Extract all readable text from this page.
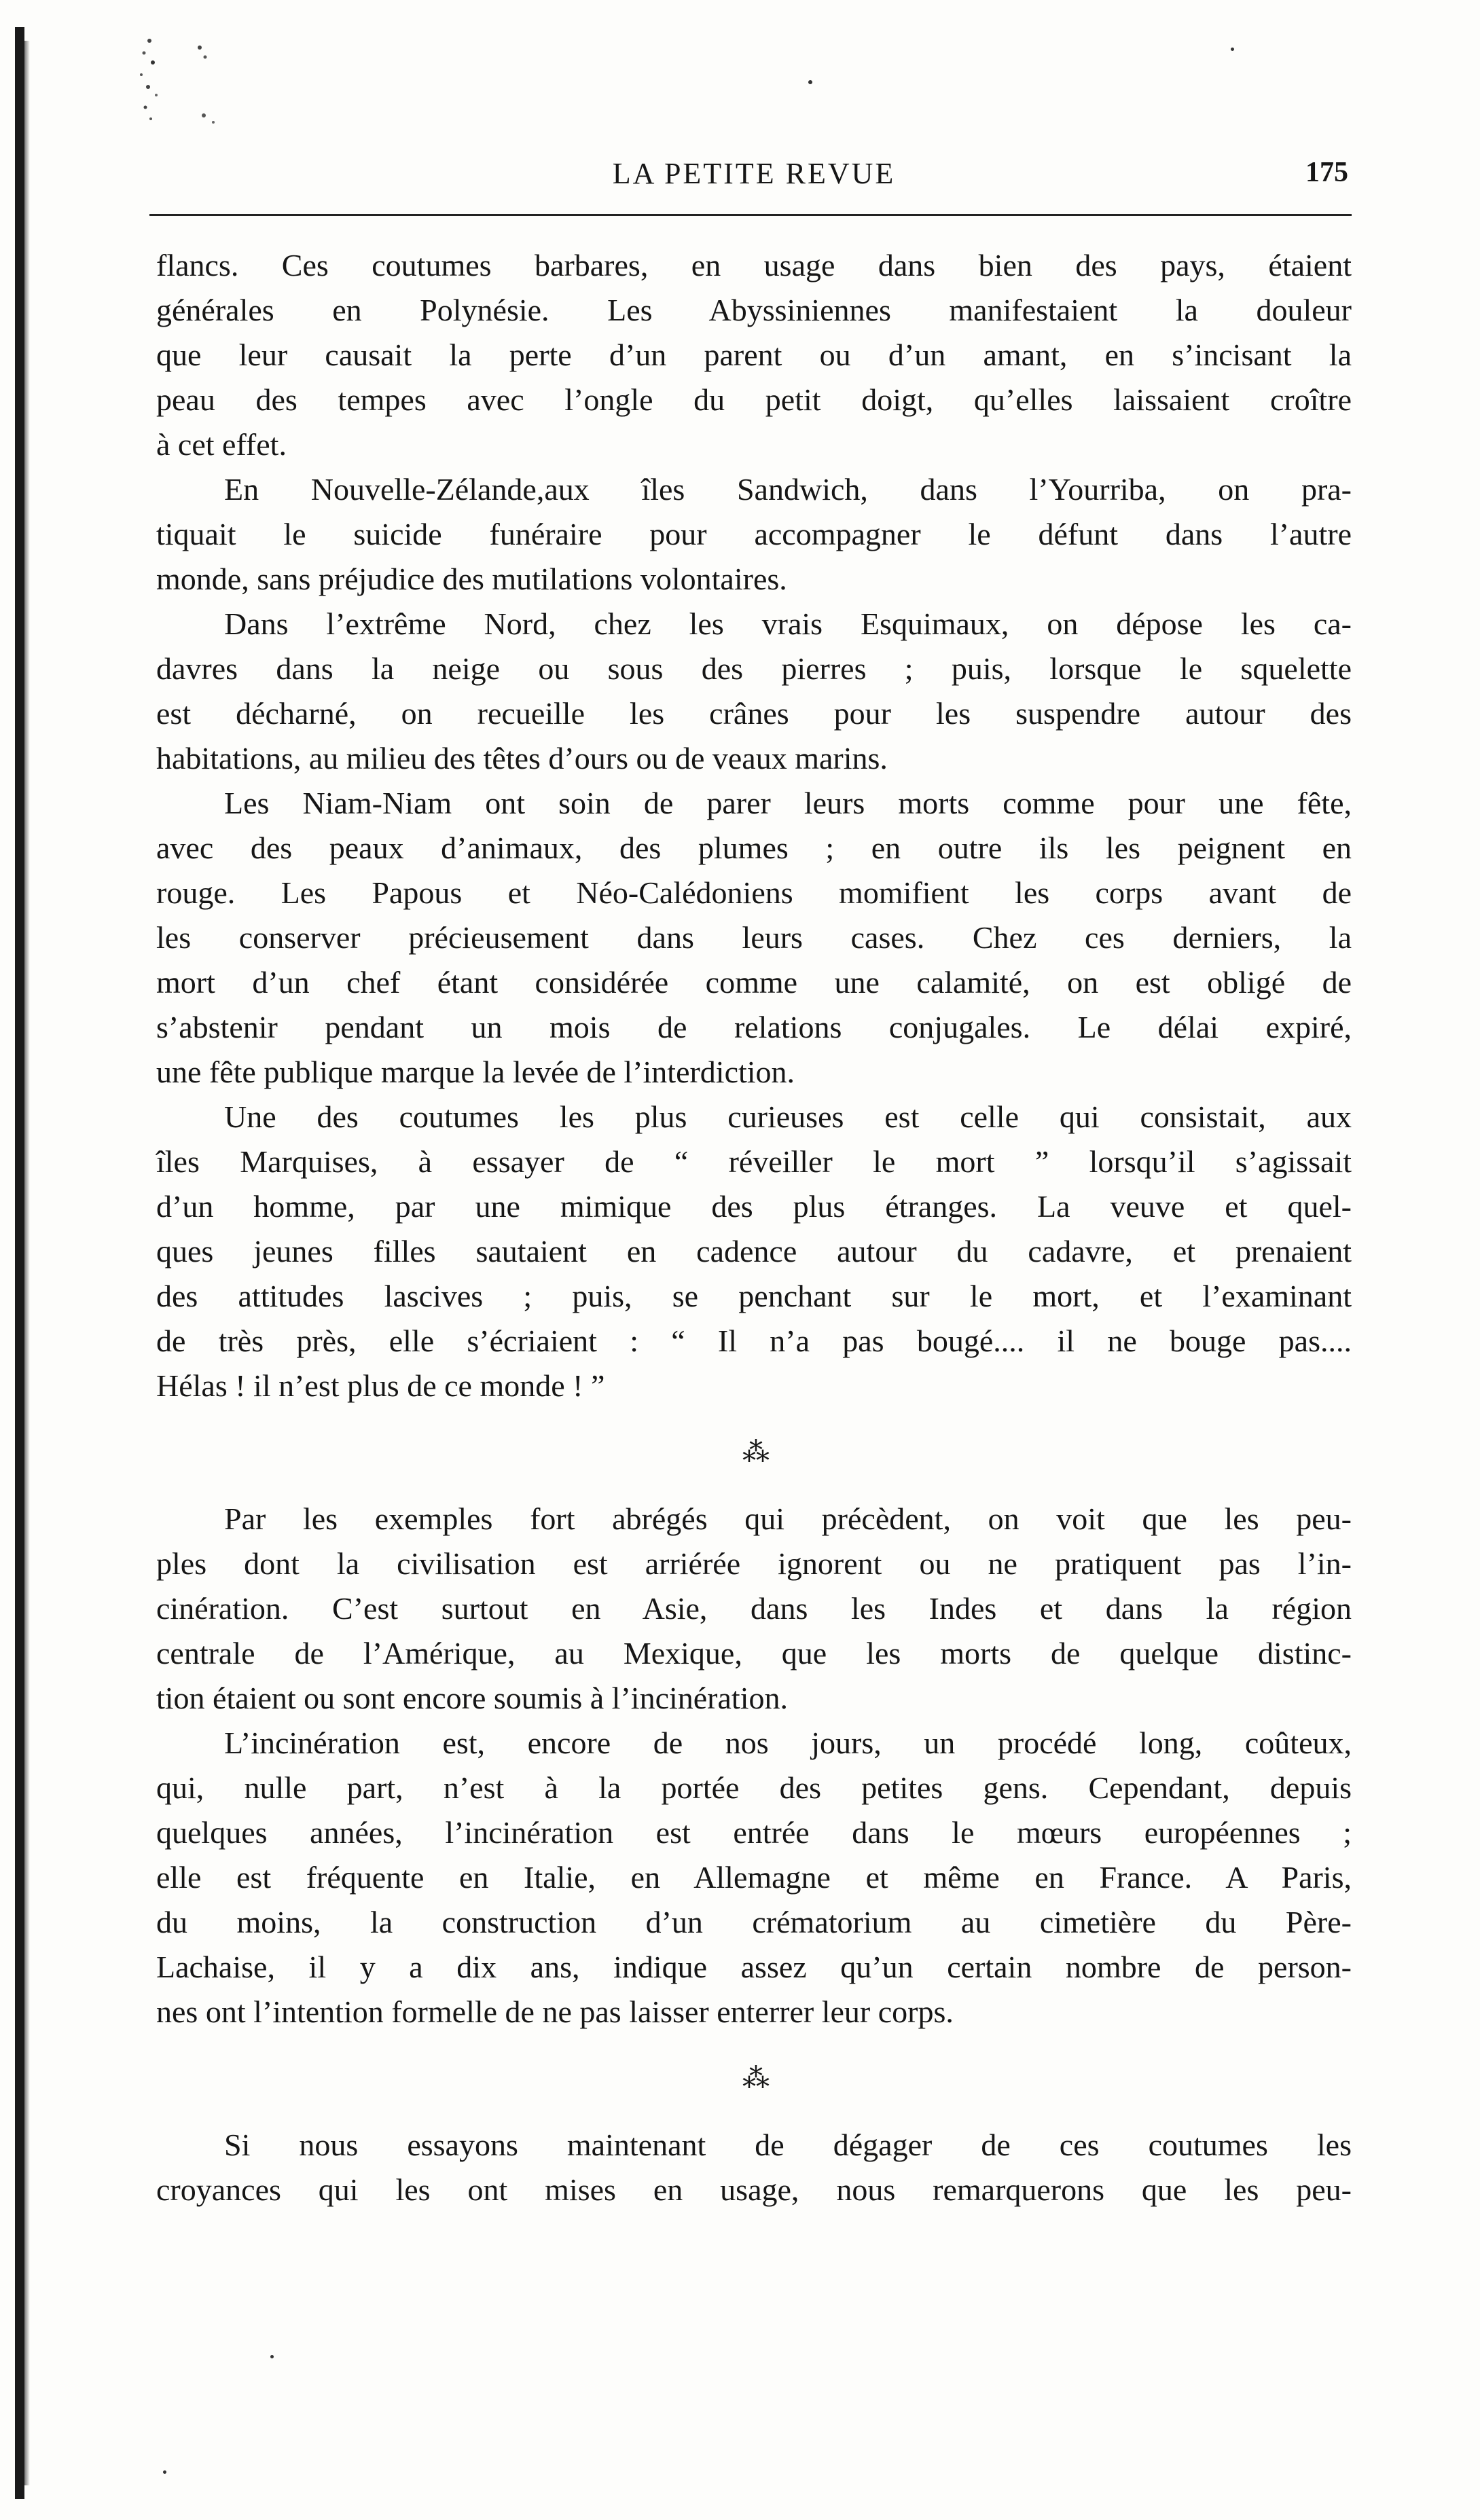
LA PETITE REVUE	175
flancs. Ces coutumes barbares, en usage dans bien des pays, étaient
générales en Polynésie. Les Abyssiniennes manifestaient la douleur
que leur causait la perte d’un parent ou d’un amant, en s’incisant la
peau des tempes avec l’ongle du petit doigt, qu’elles laissaient croître
à cet effet.
En Nouvelle-Zélande,aux îles Sandwich, dans l’Yourriba, on pra-
tiquait le suicide funéraire pour accompagner le défunt dans l’autre
monde, sans préjudice des mutilations volontaires.
Dans l’extrême Nord, chez les vrais Esquimaux, on dépose les ca-
davres dans la neige ou sous des pierres ; puis, lorsque le squelette
est décharné, on recueille les crânes pour les suspendre autour des
habitations, au milieu des têtes d’ours ou de veaux marins.
Les Niam-Niam ont soin de parer leurs morts comme pour une fête,
avec des peaux d’animaux, des plumes ; en outre ils les peignent en
rouge. Les Papous et Néo-Calédoniens momifient les corps avant de
les conserver précieusement dans leurs cases. Chez ces derniers, la
mort d’un chef étant considérée comme une calamité, on est obligé de
s’abstenir pendant un mois de relations conjugales. Le délai expiré,
une fête publique marque la levée de l’interdiction.
Une des coutumes les plus curieuses est celle qui consistait, aux
îles Marquises, à essayer de “ réveiller le mort ” lorsqu’il s’agissait
d’un homme, par une mimique des plus étranges. La veuve et quel-
ques jeunes filles sautaient en cadence autour du cadavre, et prenaient
des attitudes lascives ; puis, se penchant sur le mort, et l’examinant
de très près, elle s’écriaient : “ Il n’a pas bougé.... il ne bouge pas....
Hélas ! il n’est plus de ce monde ! ”
⁂
Par les exemples fort abrégés qui précèdent, on voit que les peu-
ples dont la civilisation est arriérée ignorent ou ne pratiquent pas l’in-
cinération. C’est surtout en Asie, dans les Indes et dans la région
centrale de l’Amérique, au Mexique, que les morts de quelque distinc-
tion étaient ou sont encore soumis à l’incinération.
L’incinération est, encore de nos jours, un procédé long, coûteux,
qui, nulle part, n’est à la portée des petites gens. Cependant, depuis
quelques années, l’incinération est entrée dans le mœurs européennes ;
elle est fréquente en Italie, en Allemagne et même en France. A Paris,
du moins, la construction d’un crématorium au cimetière du Père-
Lachaise, il y a dix ans, indique assez qu’un certain nombre de person-
nes ont l’intention formelle de ne pas laisser enterrer leur corps.
⁂
Si nous essayons maintenant de dégager de ces coutumes les
croyances qui les ont mises en usage, nous remarquerons que les peu-
